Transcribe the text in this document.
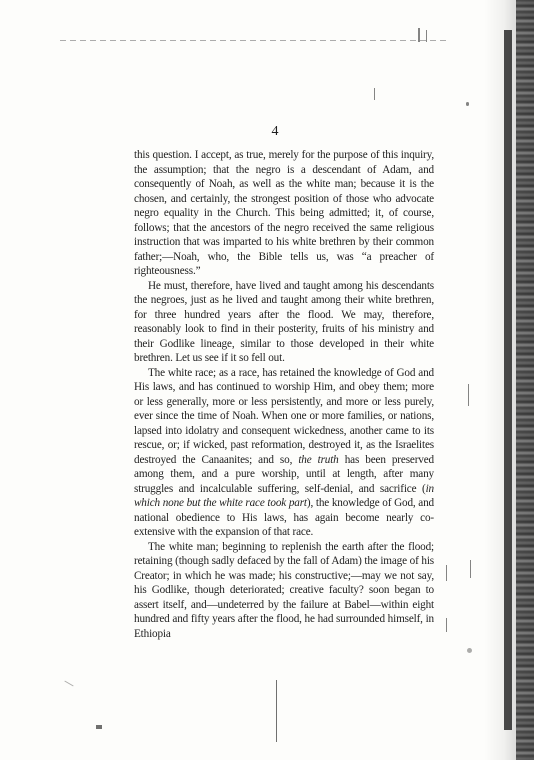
4

this question. I accept, as true, merely for the purpose of this inquiry, the assumption; that the negro is a descendant of Adam, and consequently of Noah, as well as the white man; because it is the chosen, and certainly, the strongest position of those who advocate negro equality in the Church. This being admitted; it, of course, follows; that the ancestors of the negro received the same religious instruction that was imparted to his white brethren by their common father;—Noah, who, the Bible tells us, was “a preacher of righteousness.”

He must, therefore, have lived and taught among his descendants the negroes, just as he lived and taught among their white brethren, for three hundred years after the flood. We may, therefore, reasonably look to find in their posterity, fruits of his ministry and their Godlike lineage, similar to those developed in their white brethren. Let us see if it so fell out.

The white race; as a race, has retained the knowledge of God and His laws, and has continued to worship Him, and obey them; more or less generally, more or less persistently, and more or less purely, ever since the time of Noah. When one or more families, or nations, lapsed into idolatry and consequent wickedness, another came to its rescue, or; if wicked, past reformation, destroyed it, as the Israelites destroyed the Canaanites; and so, the truth has been preserved among them, and a pure worship, until at length, after many struggles and incalculable suffering, self-denial, and sacrifice (in which none but the white race took part), the knowledge of God, and national obedience to His laws, has again become nearly co-extensive with the expansion of that race.

The white man; beginning to replenish the earth after the flood; retaining (though sadly defaced by the fall of Adam) the image of his Creator; in which he was made; his constructive;—may we not say, his Godlike, though deteriorated; creative faculty? soon began to assert itself, and—undeterred by the failure at Babel—within eight hundred and fifty years after the flood, he had surrounded himself, in Ethiopia
